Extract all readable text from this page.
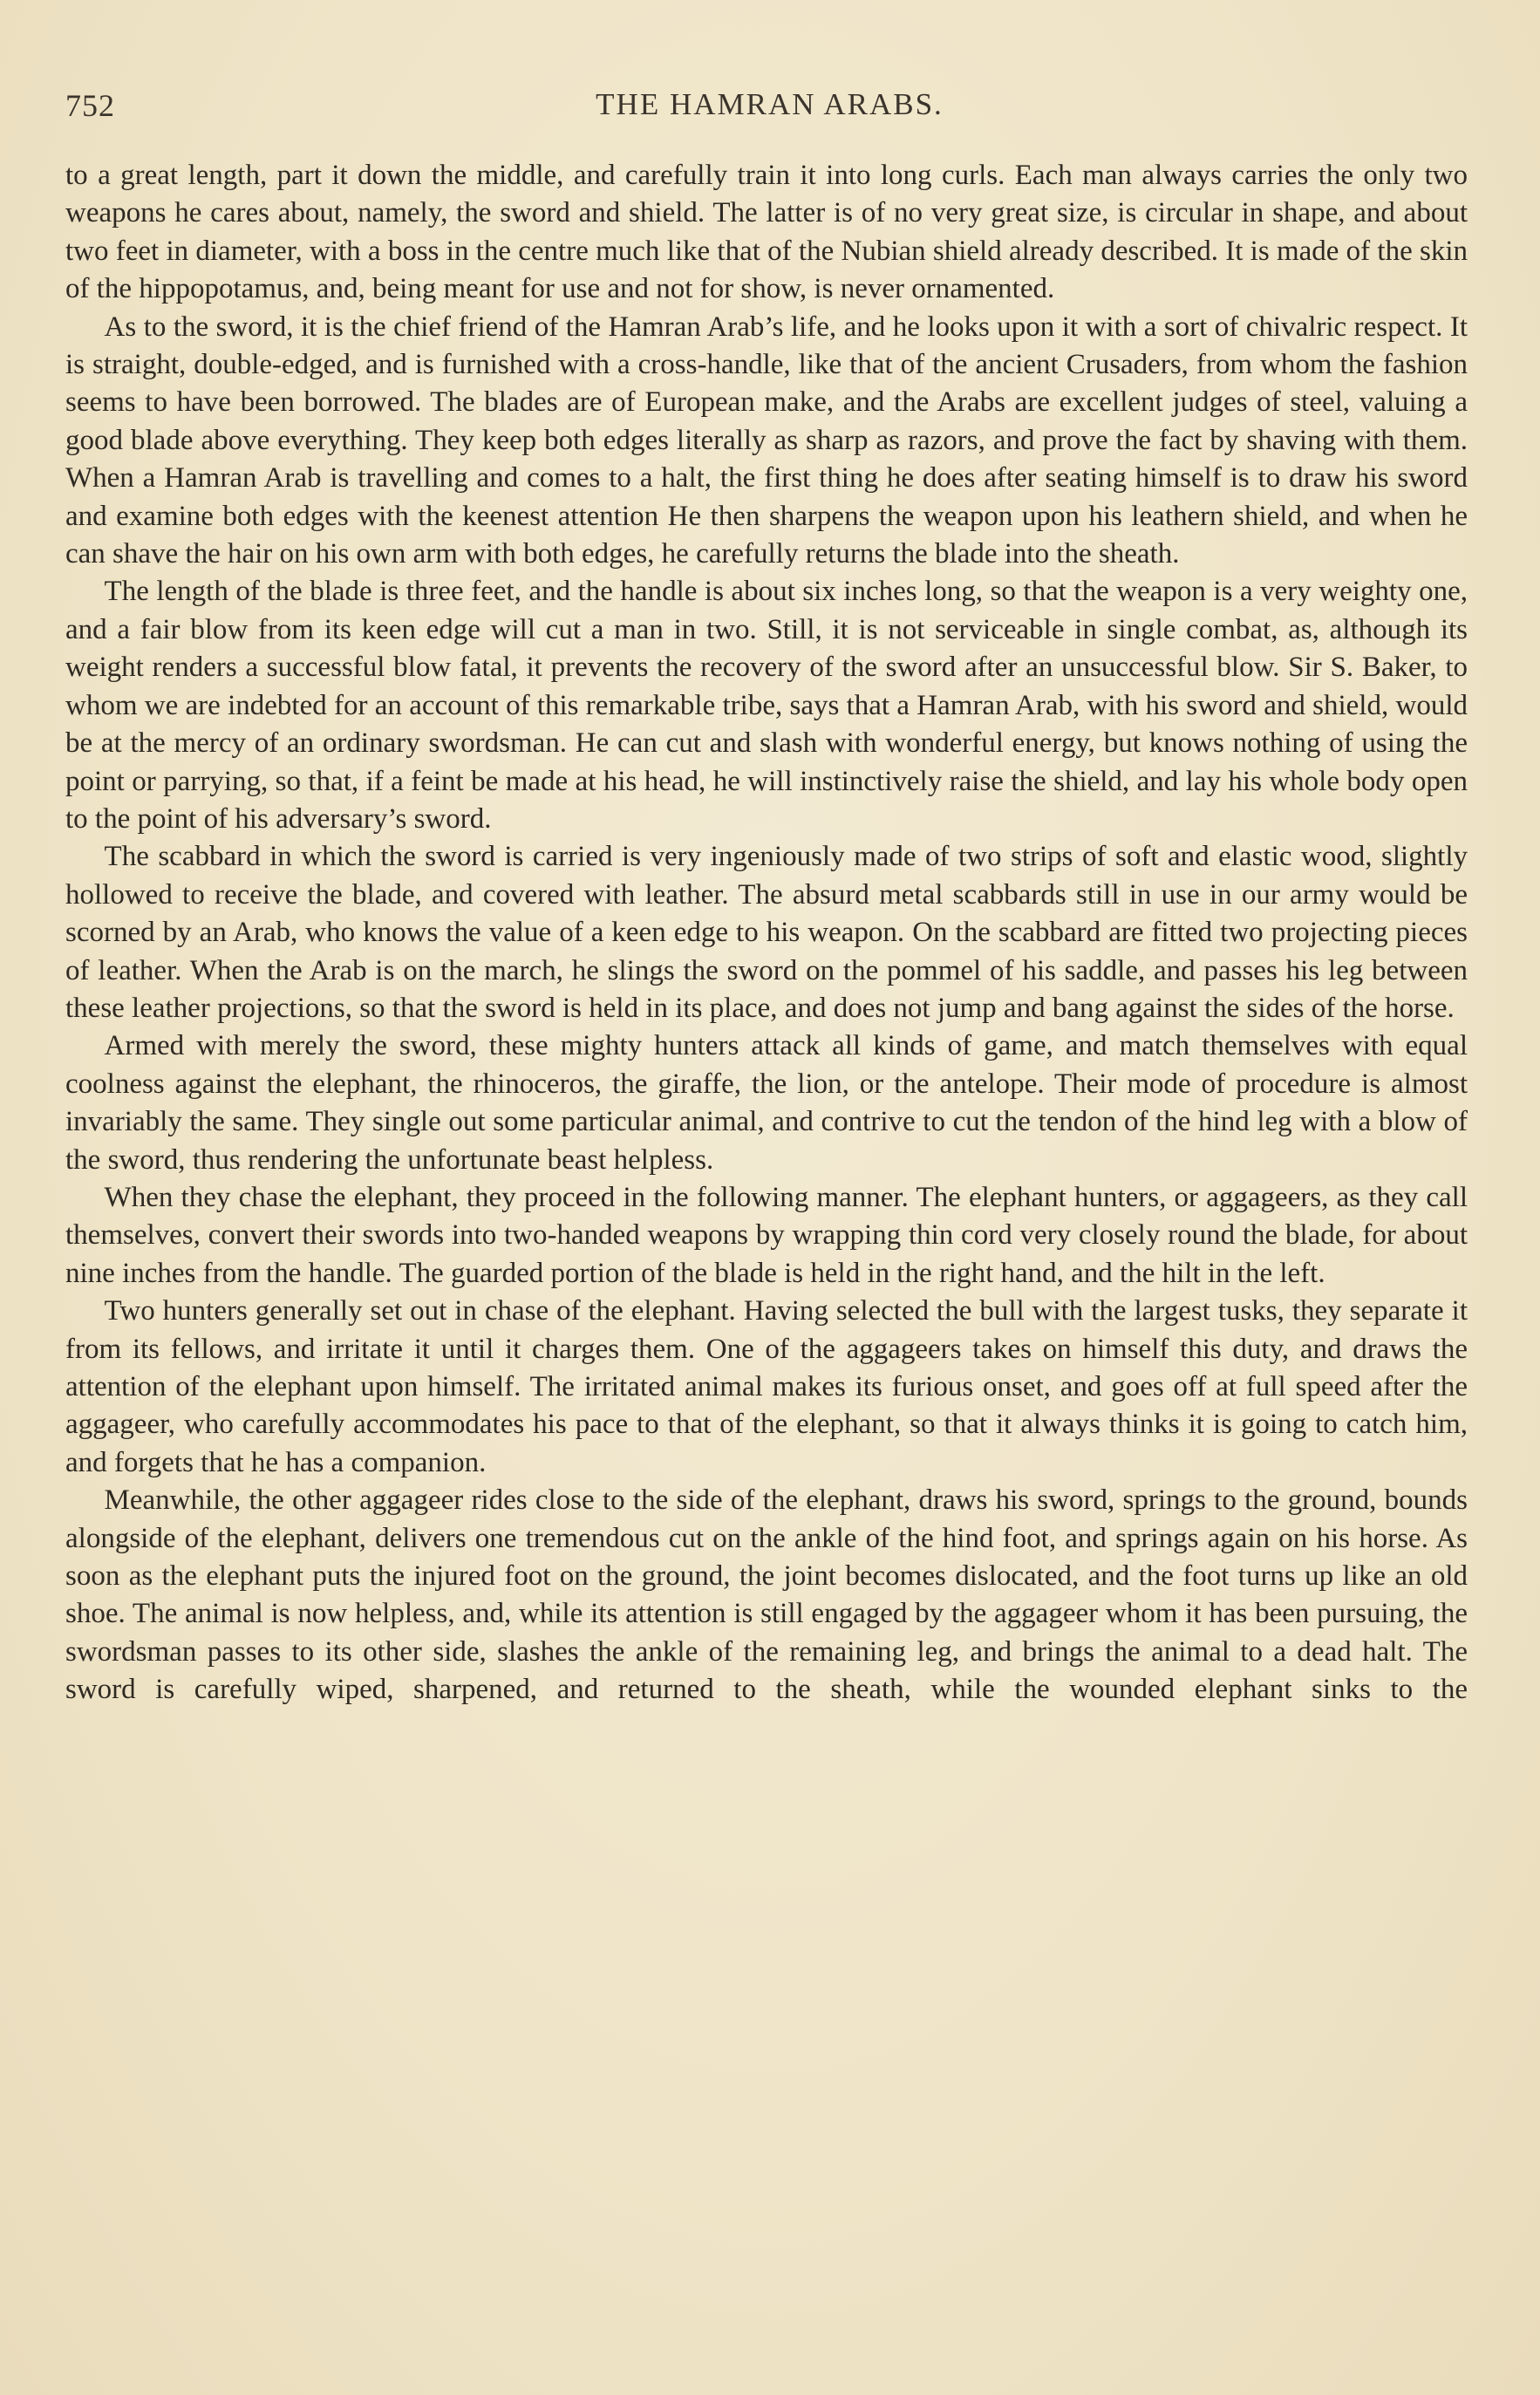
752	THE HAMRAN ARABS.

to a great length, part it down the middle, and carefully train it into long curls. Each man always carries the only two weapons he cares about, namely, the sword and shield. The latter is of no very great size, is circular in shape, and about two feet in diameter, with a boss in the centre much like that of the Nubian shield already described. It is made of the skin of the hippopotamus, and, being meant for use and not for show, is never ornamented.

As to the sword, it is the chief friend of the Hamran Arab’s life, and he looks upon it with a sort of chivalric respect. It is straight, double-edged, and is furnished with a cross-handle, like that of the ancient Crusaders, from whom the fashion seems to have been borrowed. The blades are of European make, and the Arabs are excellent judges of steel, valuing a good blade above everything. They keep both edges literally as sharp as razors, and prove the fact by shaving with them. When a Hamran Arab is travelling and comes to a halt, the first thing he does after seating himself is to draw his sword and examine both edges with the keenest attention He then sharpens the weapon upon his leathern shield, and when he can shave the hair on his own arm with both edges, he carefully returns the blade into the sheath.

The length of the blade is three feet, and the handle is about six inches long, so that the weapon is a very weighty one, and a fair blow from its keen edge will cut a man in two. Still, it is not serviceable in single combat, as, although its weight renders a successful blow fatal, it prevents the recovery of the sword after an unsuccessful blow. Sir S. Baker, to whom we are indebted for an account of this remarkable tribe, says that a Hamran Arab, with his sword and shield, would be at the mercy of an ordinary swordsman. He can cut and slash with wonderful energy, but knows nothing of using the point or parrying, so that, if a feint be made at his head, he will instinctively raise the shield, and lay his whole body open to the point of his adversary’s sword.

The scabbard in which the sword is carried is very ingeniously made of two strips of soft and elastic wood, slightly hollowed to receive the blade, and covered with leather. The absurd metal scabbards still in use in our army would be scorned by an Arab, who knows the value of a keen edge to his weapon. On the scabbard are fitted two projecting pieces of leather. When the Arab is on the march, he slings the sword on the pommel of his saddle, and passes his leg between these leather projections, so that the sword is held in its place, and does not jump and bang against the sides of the horse.

Armed with merely the sword, these mighty hunters attack all kinds of game, and match themselves with equal coolness against the elephant, the rhinoceros, the giraffe, the lion, or the antelope. Their mode of procedure is almost invariably the same. They single out some particular animal, and contrive to cut the tendon of the hind leg with a blow of the sword, thus rendering the unfortunate beast helpless.

When they chase the elephant, they proceed in the following manner. The elephant hunters, or aggageers, as they call themselves, convert their swords into two-handed weapons by wrapping thin cord very closely round the blade, for about nine inches from the handle. The guarded portion of the blade is held in the right hand, and the hilt in the left.

Two hunters generally set out in chase of the elephant. Having selected the bull with the largest tusks, they separate it from its fellows, and irritate it until it charges them. One of the aggageers takes on himself this duty, and draws the attention of the elephant upon himself. The irritated animal makes its furious onset, and goes off at full speed after the aggageer, who carefully accommodates his pace to that of the elephant, so that it always thinks it is going to catch him, and forgets that he has a companion.

Meanwhile, the other aggageer rides close to the side of the elephant, draws his sword, springs to the ground, bounds alongside of the elephant, delivers one tremendous cut on the ankle of the hind foot, and springs again on his horse. As soon as the elephant puts the injured foot on the ground, the joint becomes dislocated, and the foot turns up like an old shoe. The animal is now helpless, and, while its attention is still engaged by the aggageer whom it has been pursuing, the swordsman passes to its other side, slashes the ankle of the remaining leg, and brings the animal to a dead halt. The sword is carefully wiped, sharpened, and returned to the sheath, while the wounded elephant sinks to the
